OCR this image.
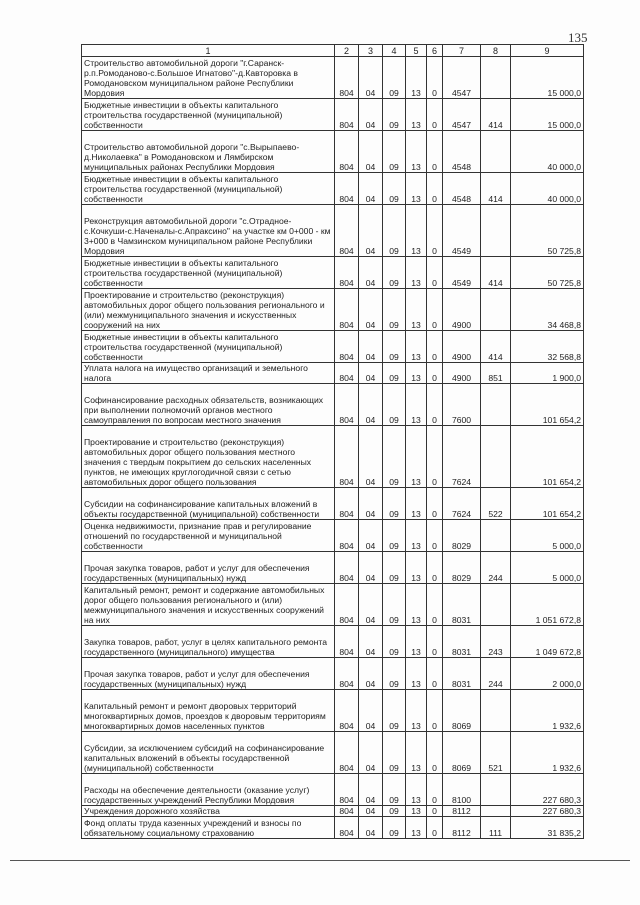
135
1	2	3	4	5	6	7	8	9
Строительство автомобильной дороги "г.Саранск-р.п.Ромоданово-с.Большое Игнатово"-д.Кавторовка в Ромодановском муниципальном районе Республики Мордовия	804	04	09	13	0	4547		15 000,0
Бюджетные инвестиции в объекты капитального строительства государственной (муниципальной) собственности	804	04	09	13	0	4547	414	15 000,0
Строительство автомобильной дороги "с.Вырыпаево-д.Николаевка" в Ромодановском и Лямбирском муниципальных районах Республики Мордовия	804	04	09	13	0	4548		40 000,0
Бюджетные инвестиции в объекты капитального строительства государственной (муниципальной) собственности	804	04	09	13	0	4548	414	40 000,0
Реконструкция автомобильной дороги "с.Отрадное-с.Кочкуши-с.Наченалы-с.Апраксино" на участке км 0+000 - км 3+000 в Чамзинском муниципальном районе Республики Мордовия	804	04	09	13	0	4549		50 725,8
Бюджетные инвестиции в объекты капитального строительства государственной (муниципальной) собственности	804	04	09	13	0	4549	414	50 725,8
Проектирование и строительство (реконструкция) автомобильных дорог общего пользования регионального и (или) межмуниципального значения и искусственных сооружений на них	804	04	09	13	0	4900		34 468,8
Бюджетные инвестиции в объекты капитального строительства государственной (муниципальной) собственности	804	04	09	13	0	4900	414	32 568,8
Уплата налога на имущество организаций и земельного налога	804	04	09	13	0	4900	851	1 900,0
Софинансирование расходных обязательств, возникающих при выполнении полномочий органов местного самоуправления по вопросам местного значения	804	04	09	13	0	7600		101 654,2
Проектирование и строительство (реконструкция) автомобильных дорог общего пользования местного значения с твердым покрытием до сельских населенных пунктов, не имеющих круглогодичной связи с сетью автомобильных дорог общего пользования	804	04	09	13	0	7624		101 654,2
Субсидии на софинансирование капитальных вложений в объекты государственной (муниципальной) собственности	804	04	09	13	0	7624	522	101 654,2
Оценка недвижимости, признание прав и регулирование отношений по государственной и муниципальной собственности	804	04	09	13	0	8029		5 000,0
Прочая закупка товаров, работ и услуг для обеспечения государственных (муниципальных) нужд	804	04	09	13	0	8029	244	5 000,0
Капитальный ремонт, ремонт и содержание автомобильных дорог общего пользования регионального и (или) межмуниципального значения и искусственных сооружений на них	804	04	09	13	0	8031		1 051 672,8
Закупка товаров, работ, услуг в целях капитального ремонта государственного (муниципального) имущества	804	04	09	13	0	8031	243	1 049 672,8
Прочая закупка товаров, работ и услуг для обеспечения государственных (муниципальных) нужд	804	04	09	13	0	8031	244	2 000,0
Капитальный ремонт и ремонт дворовых территорий многоквартирных домов, проездов к дворовым территориям многоквартирных домов населенных пунктов	804	04	09	13	0	8069		1 932,6
Субсидии, за исключением субсидий на софинансирование капитальных вложений в объекты государственной (муниципальной) собственности	804	04	09	13	0	8069	521	1 932,6
Расходы на обеспечение деятельности (оказание услуг) государственных учреждений Республики Мордовия	804	04	09	13	0	8100		227 680,3
Учреждения дорожного хозяйства	804	04	09	13	0	8112		227 680,3
Фонд оплаты труда казенных учреждений и взносы по обязательному социальному страхованию	804	04	09	13	0	8112	111	31 835,2
